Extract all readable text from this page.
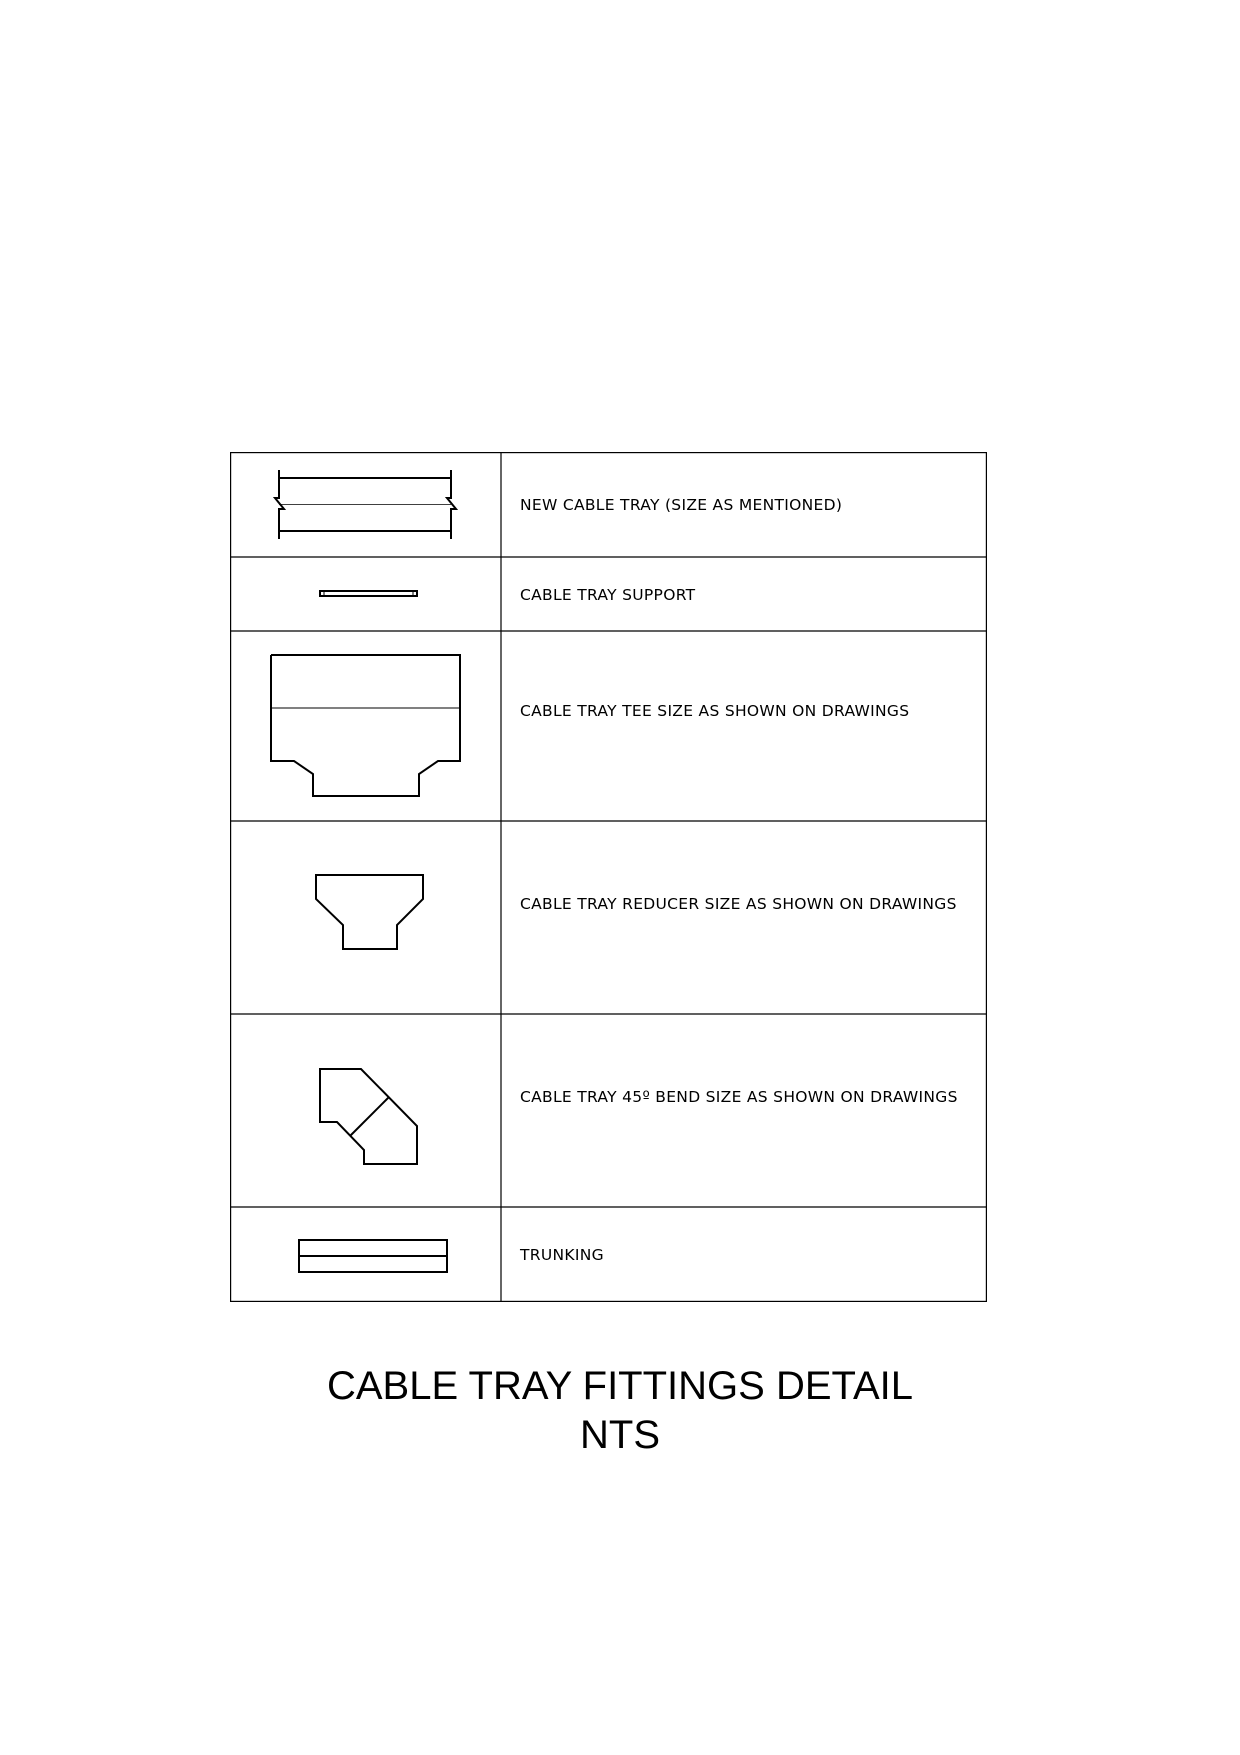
NEW CABLE TRAY (SIZE AS MENTIONED)
CABLE TRAY SUPPORT
CABLE TRAY TEE SIZE AS SHOWN ON DRAWINGS
CABLE TRAY REDUCER SIZE AS SHOWN ON DRAWINGS
CABLE TRAY 45º BEND SIZE AS SHOWN ON DRAWINGS
TRUNKING
CABLE TRAY FITTINGS DETAIL
NTS
